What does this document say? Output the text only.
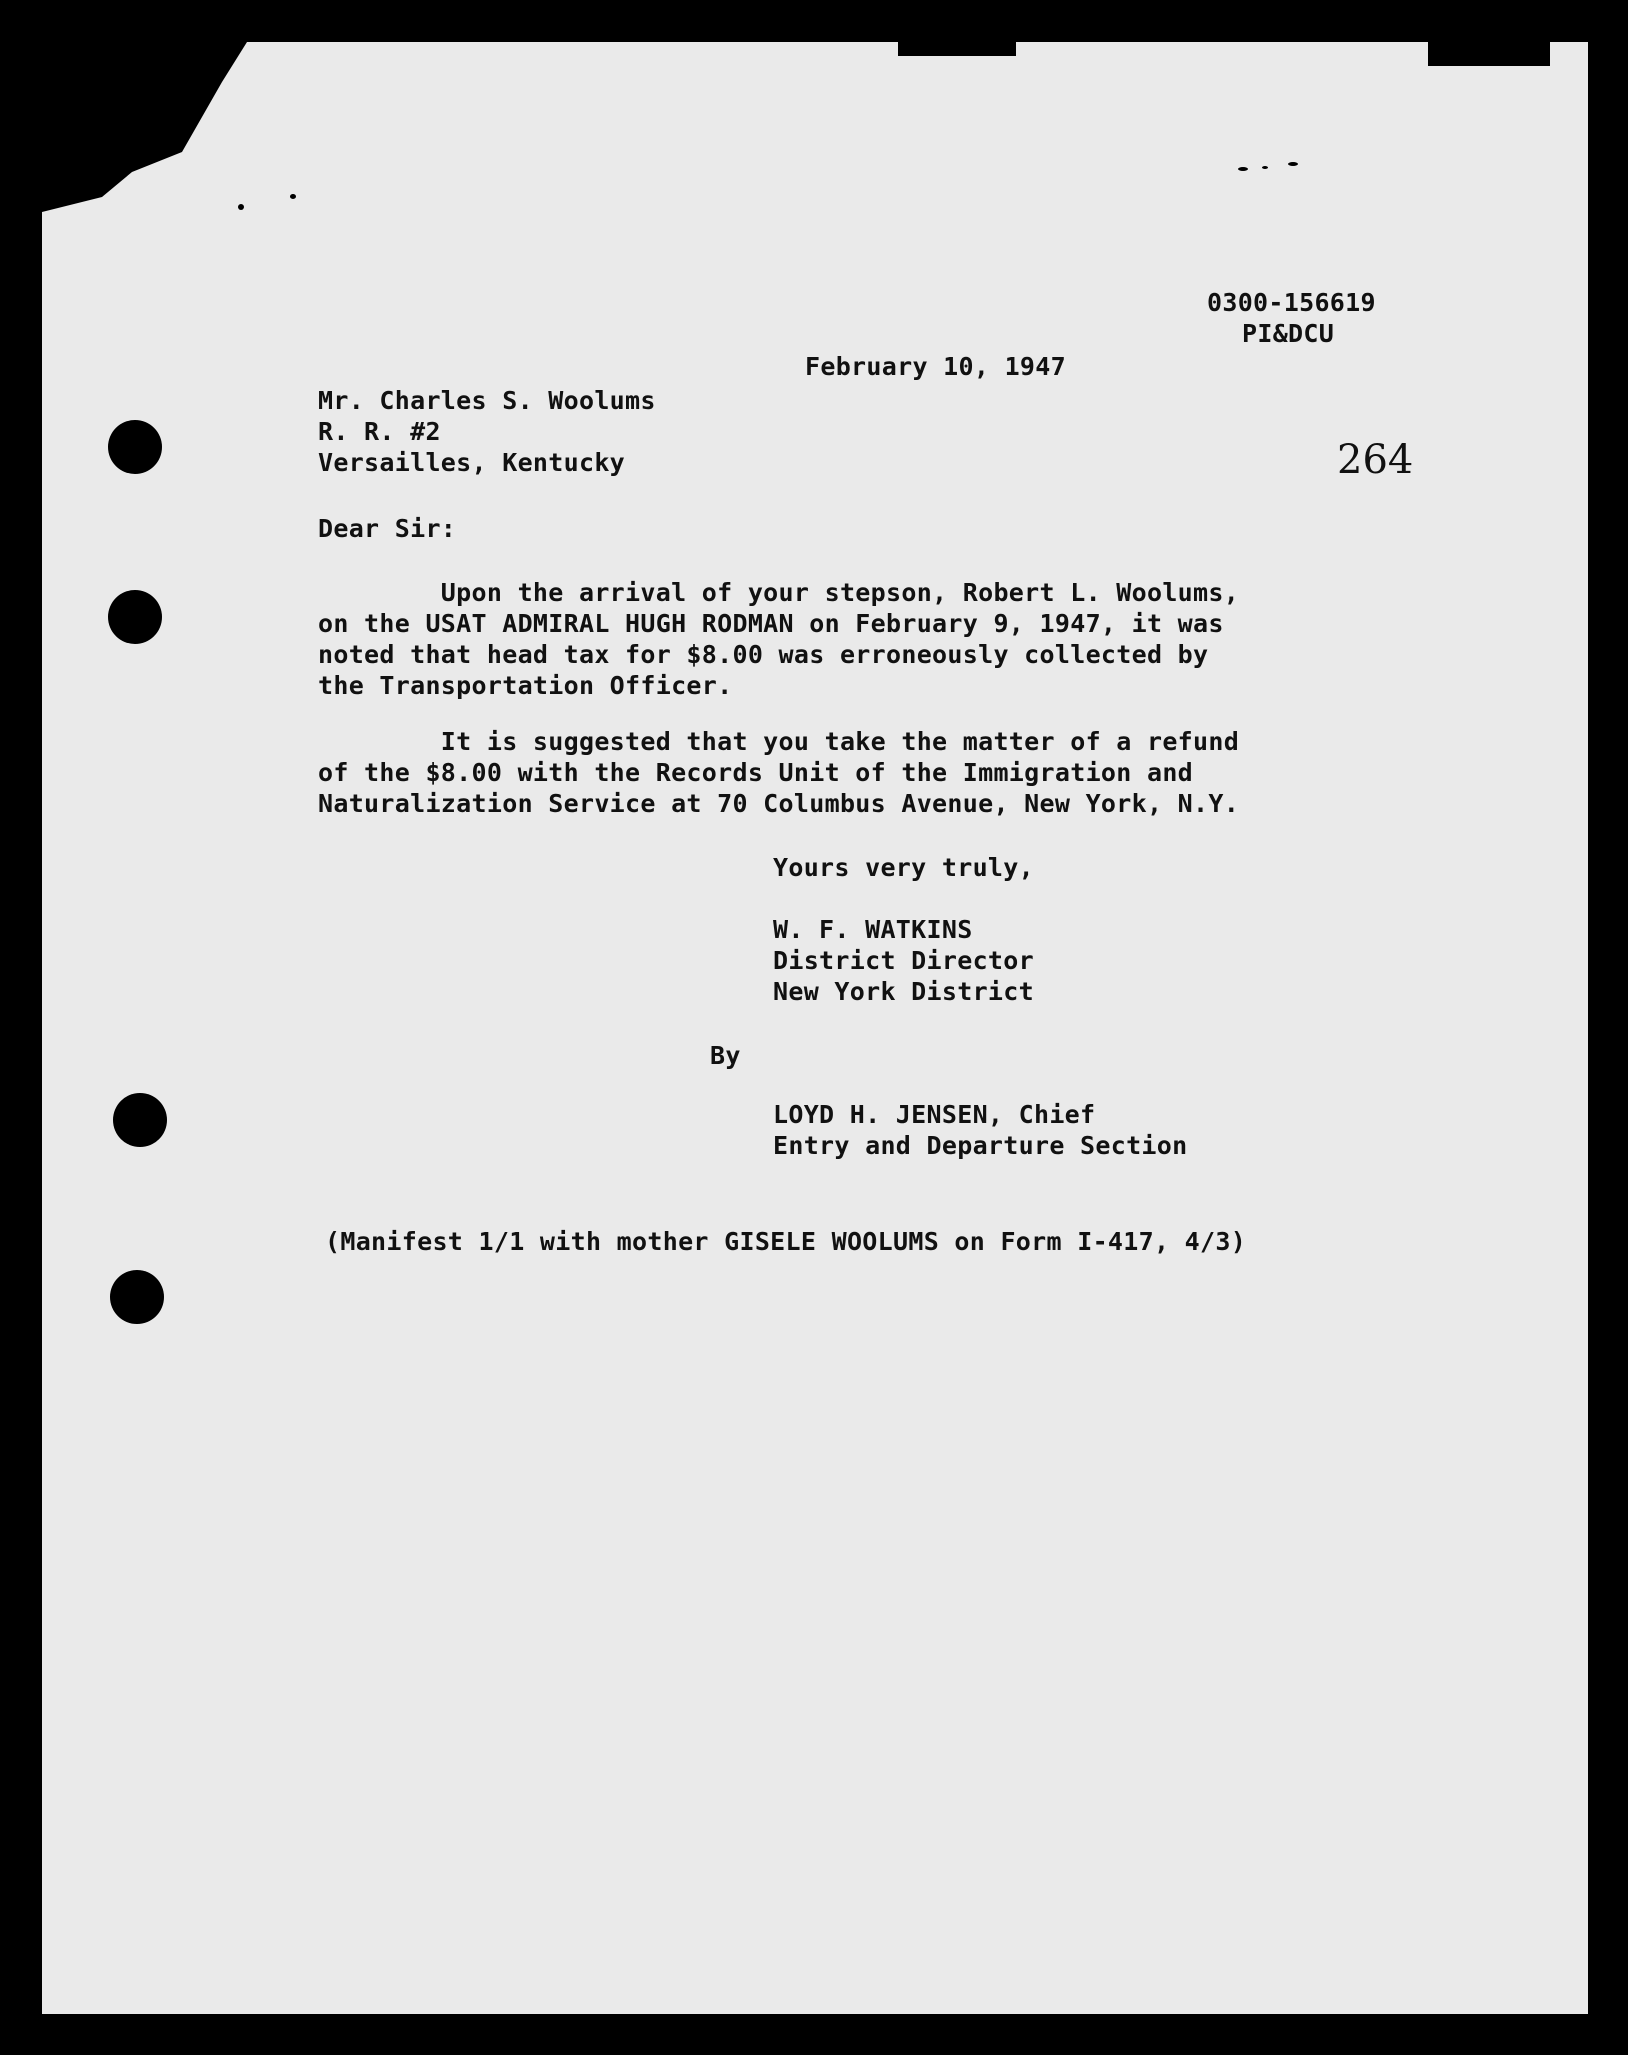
0300-156619

PI&DCU

February 10, 1947

264

Mr. Charles S. Woolums

R. R. #2

Versailles, Kentucky

Dear Sir:

Upon the arrival of your stepson, Robert L. Woolums,

on the USAT ADMIRAL HUGH RODMAN on February 9, 1947, it was

noted that head tax for $8.00 was erroneously collected by

the Transportation Officer.

It is suggested that you take the matter of a refund

of the $8.00 with the Records Unit of the Immigration and

Naturalization Service at 70 Columbus Avenue, New York, N.Y.

Yours very truly,

W. F. WATKINS

District Director

New York District

By

LOYD H. JENSEN, Chief

Entry and Departure Section

(Manifest 1/1 with mother GISELE WOOLUMS on Form I-417, 4/3)
